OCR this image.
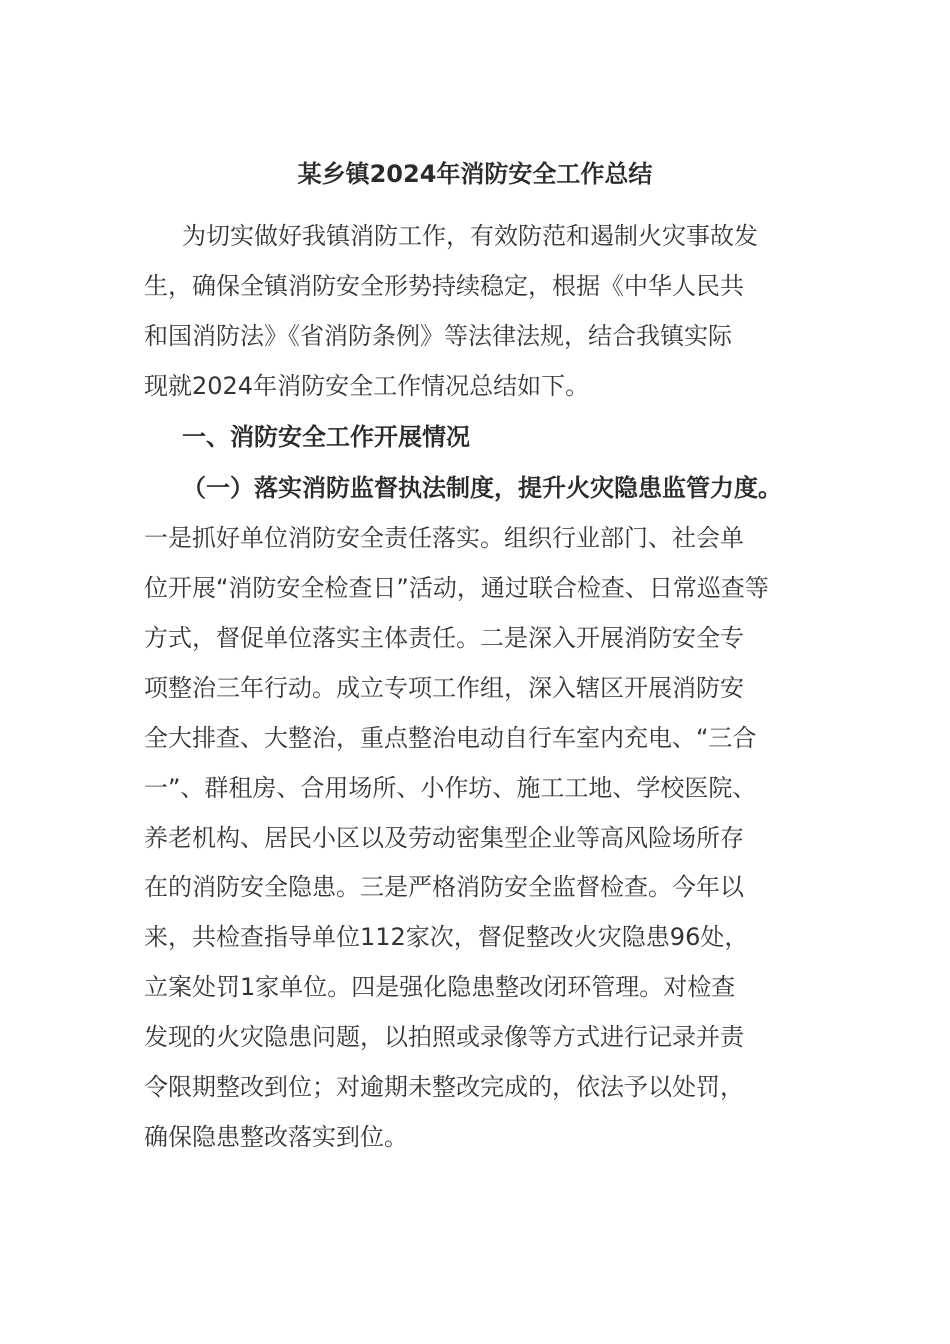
某乡镇2024年消防安全工作总结
为切实做好我镇消防工作，有效防范和遏制火灾事故发
生，确保全镇消防安全形势持续稳定，根据《中华人民共
和国消防法》《省消防条例》等法律法规，结合我镇实际
现就2024年消防安全工作情况总结如下。
一、消防安全工作开展情况
（一）落实消防监督执法制度，提升火灾隐患监管力度。
一是抓好单位消防安全责任落实。组织行业部门、社会单
位开展“消防安全检查日”活动，通过联合检查、日常巡查等
方式，督促单位落实主体责任。二是深入开展消防安全专
项整治三年行动。成立专项工作组，深入辖区开展消防安
全大排查、大整治，重点整治电动自行车室内充电、“三合
一”、群租房、合用场所、小作坊、施工工地、学校医院、
养老机构、居民小区以及劳动密集型企业等高风险场所存
在的消防安全隐患。三是严格消防安全监督检查。今年以
来，共检查指导单位112家次，督促整改火灾隐患96处，
立案处罚1家单位。四是强化隐患整改闭环管理。对检查
发现的火灾隐患问题，以拍照或录像等方式进行记录并责
令限期整改到位；对逾期未整改完成的，依法予以处罚，
确保隐患整改落实到位。
